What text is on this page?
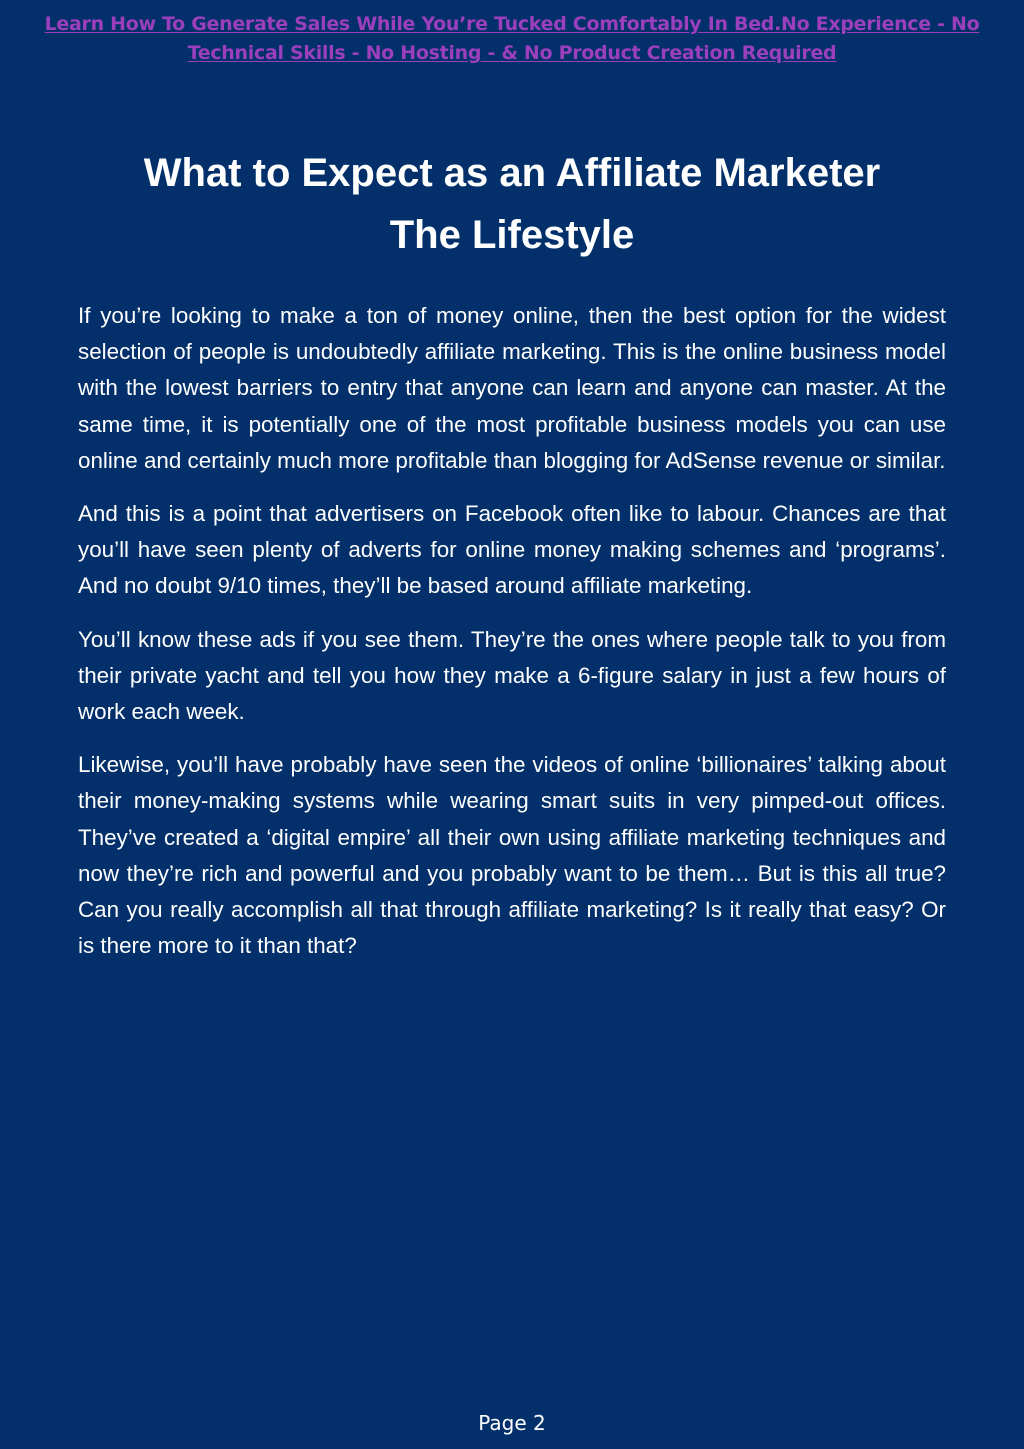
Learn How To Generate Sales While You’re Tucked Comfortably In Bed.No Experience - No Technical Skills - No Hosting - & No Product Creation Required
What to Expect as an Affiliate Marketer
The Lifestyle

If you’re looking to make a ton of money online, then the best option for the widest selection of people is undoubtedly affiliate marketing. This is the online business model with the lowest barriers to entry that anyone can learn and anyone can master. At the same time, it is potentially one of the most profitable business models you can use online and certainly much more profitable than blogging for AdSense revenue or similar.

And this is a point that advertisers on Facebook often like to labour. Chances are that you’ll have seen plenty of adverts for online money making schemes and ‘programs’. And no doubt 9/10 times, they’ll be based around affiliate marketing.

You’ll know these ads if you see them. They’re the ones where people talk to you from their private yacht and tell you how they make a 6-figure salary in just a few hours of work each week.

Likewise, you’ll have probably have seen the videos of online ‘billionaires’ talking about their money-making systems while wearing smart suits in very pimped-out offices. They’ve created a ‘digital empire’ all their own using affiliate marketing techniques and now they’re rich and powerful and you probably want to be them… But is this all true? Can you really accomplish all that through affiliate marketing? Is it really that easy? Or is there more to it than that?

Page 2
